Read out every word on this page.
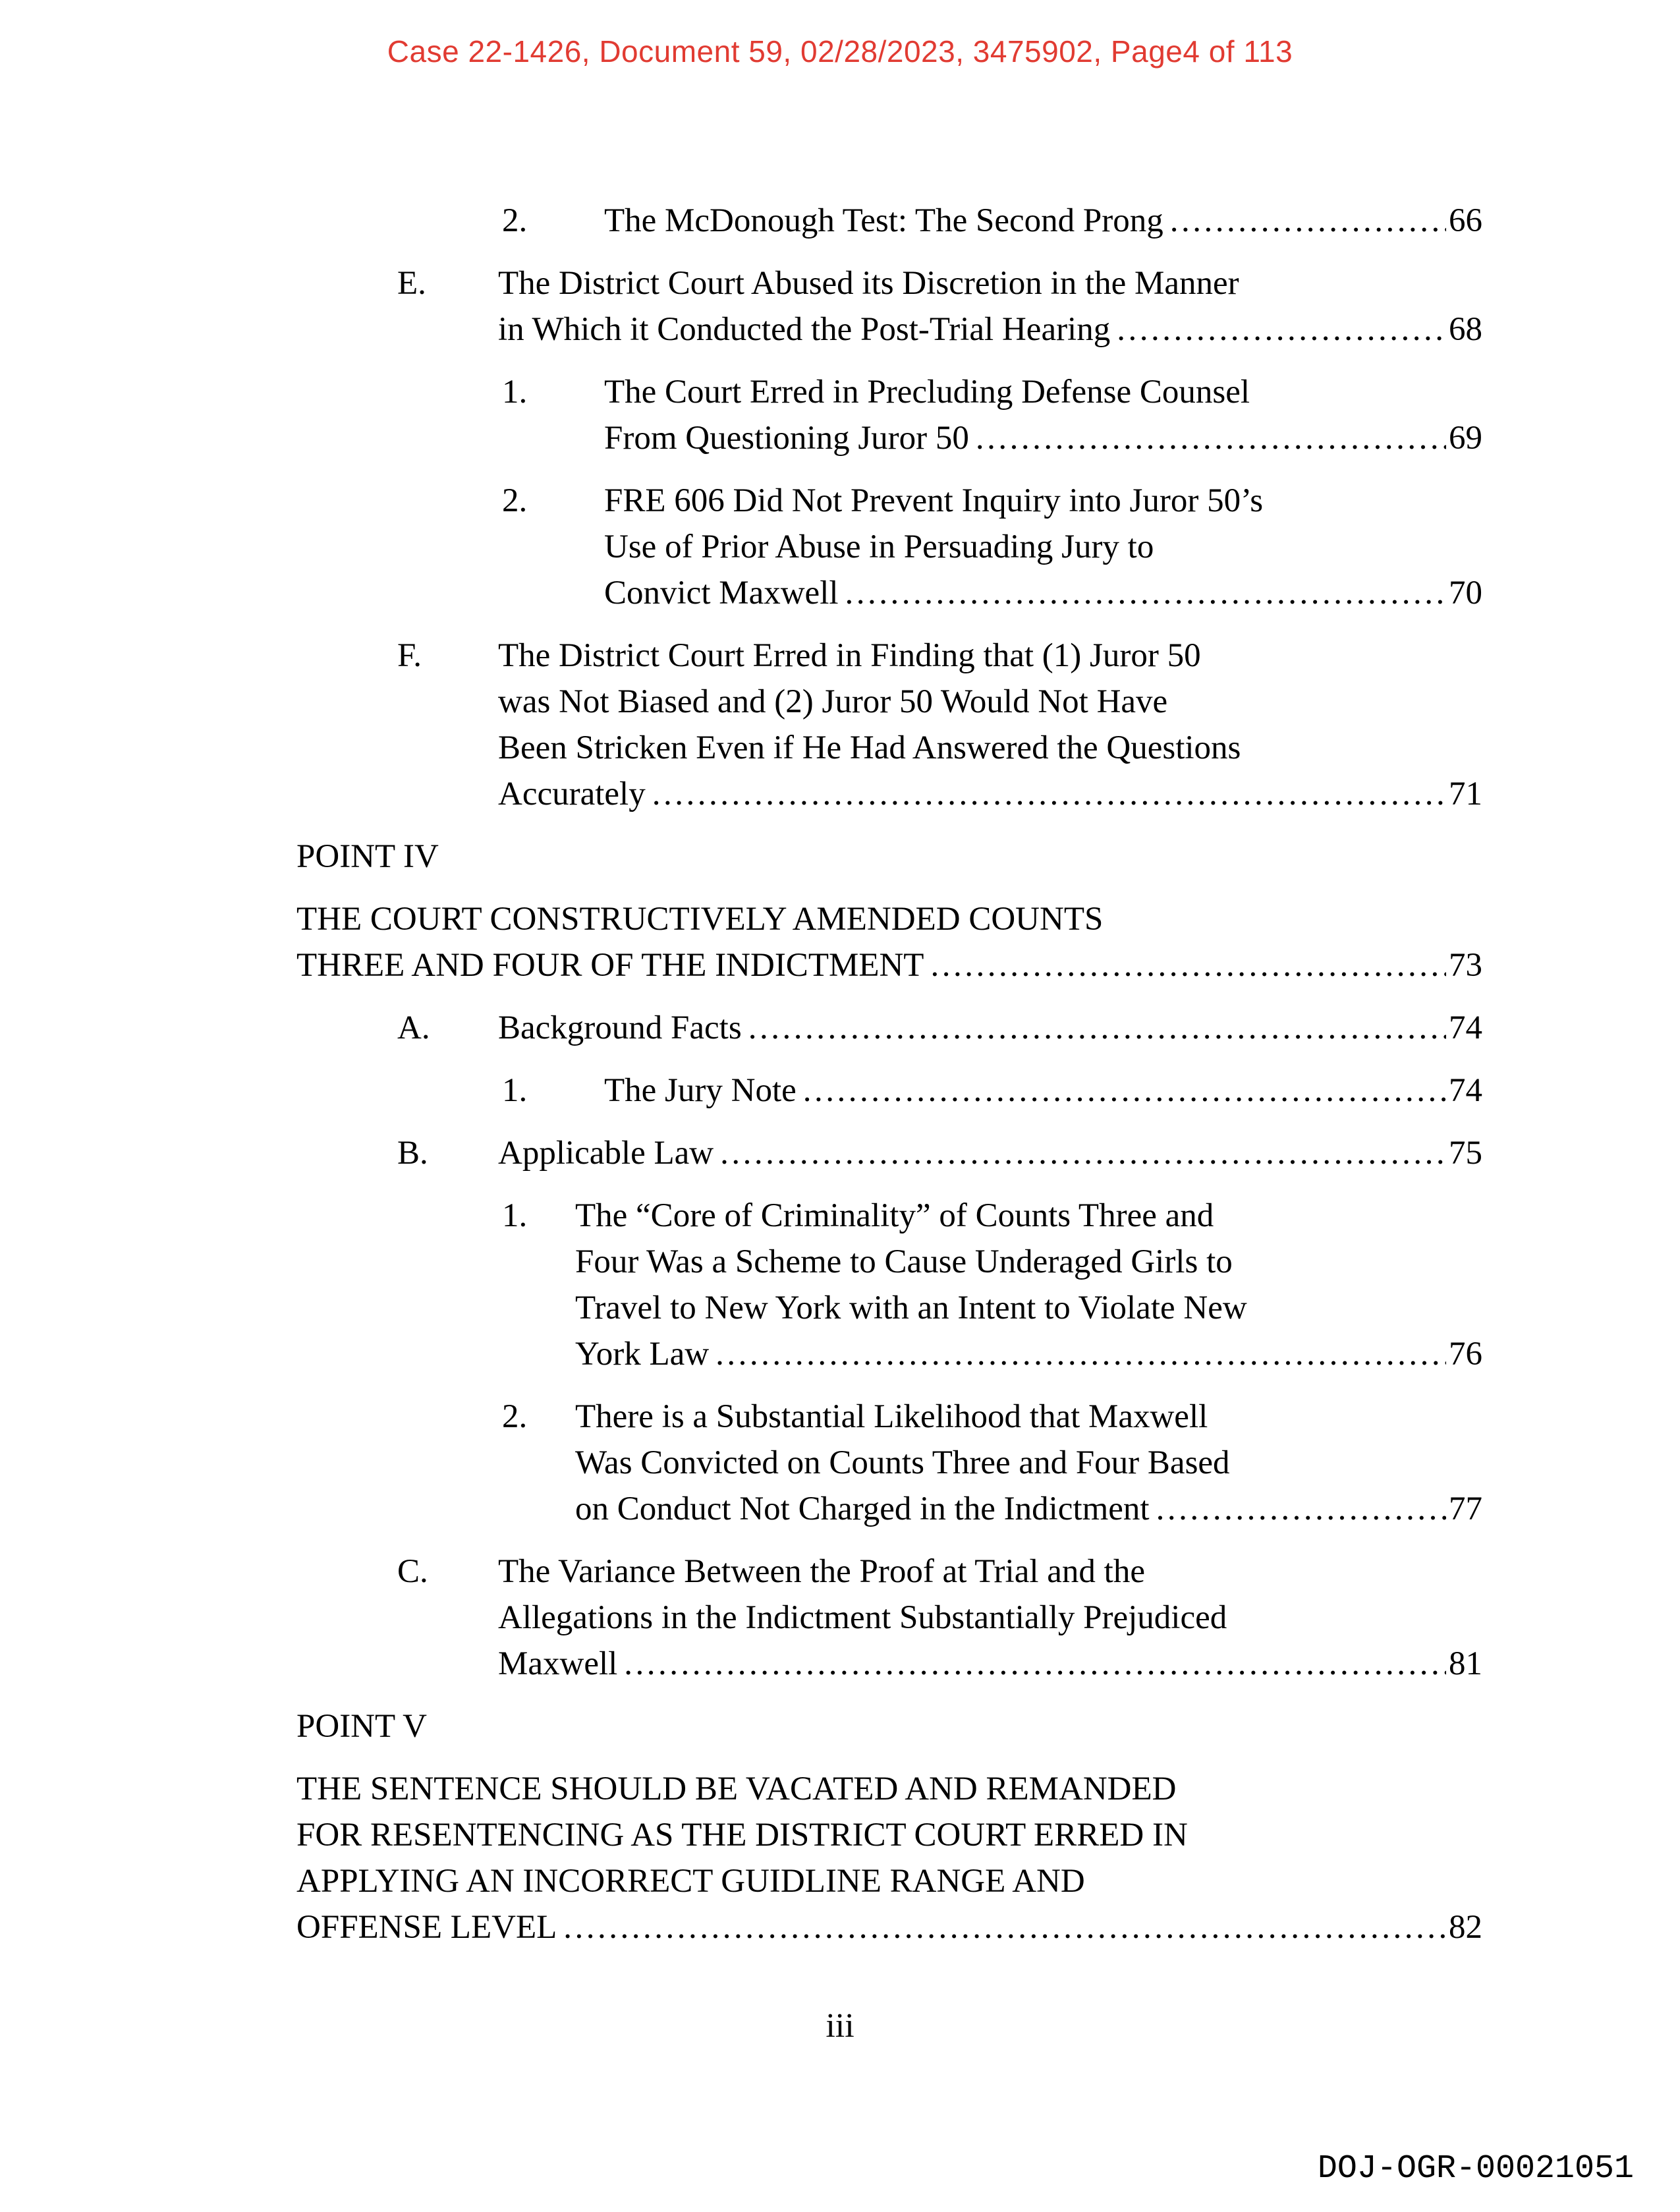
Case 22-1426, Document 59, 02/28/2023, 3475902, Page4 of 113
2.	The McDonough Test: The Second Prong .....	66
E.	The District Court Abused its Discretion in the Manner
in Which it Conducted the Post-Trial Hearing .....	68
1.	The Court Erred in Precluding Defense Counsel
From Questioning Juror 50 .....	69
2.	FRE 606 Did Not Prevent Inquiry into Juror 50’s
Use of Prior Abuse in Persuading Jury to
Convict Maxwell .....	70
F.	The District Court Erred in Finding that (1) Juror 50
was Not Biased and (2) Juror 50 Would Not Have
Been Stricken Even if He Had Answered the Questions
Accurately .....	71
POINT IV
THE COURT CONSTRUCTIVELY AMENDED COUNTS
THREE AND FOUR OF THE INDICTMENT .....	73
A.	Background Facts .....	74
1.	The Jury Note .....	74
B.	Applicable Law .....	75
1.	The “Core of Criminality” of Counts Three and
Four Was a Scheme to Cause Underaged Girls to
Travel to New York with an Intent to Violate New
York Law .....	76
2.	There is a Substantial Likelihood that Maxwell
Was Convicted on Counts Three and Four Based
on Conduct Not Charged in the Indictment .....	77
C.	The Variance Between the Proof at Trial and the
Allegations in the Indictment Substantially Prejudiced
Maxwell .....	81
POINT V
THE SENTENCE SHOULD BE VACATED AND REMANDED
FOR RESENTENCING AS THE DISTRICT COURT ERRED IN
APPLYING AN INCORRECT GUIDLINE RANGE AND
OFFENSE LEVEL .....	82
iii
DOJ-OGR-00021051
